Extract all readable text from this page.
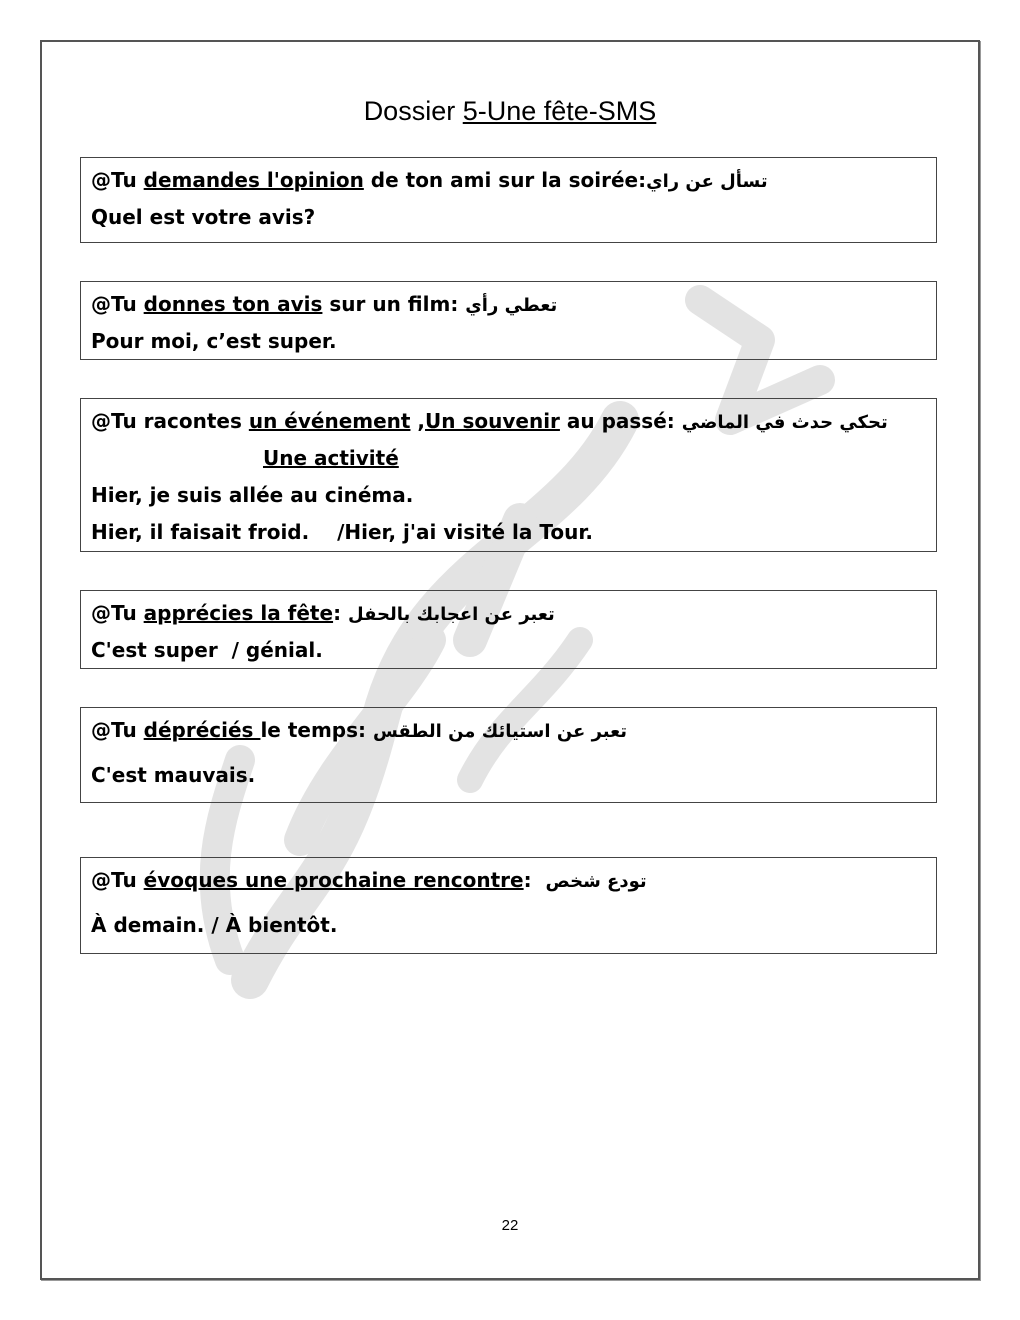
Dossier 5-Une fête-SMS
@Tu demandes l'opinion de ton ami sur la soirée:تسأل عن راي
Quel est votre avis?
@Tu donnes ton avis sur un film: تعطي رأي
Pour moi, c’est super.
@Tu racontes un événement ,Un souvenir au passé: تحكي حدث في الماضي
Une activité
Hier, je suis allée au cinéma.
Hier, il faisait froid.    /Hier, j'ai visité la Tour.
@Tu apprécies la fête: تعبر عن اعجابك بالحفل
C'est super  / génial.
@Tu dépréciés le temps: تعبر عن استيائك من الطقس
C'est mauvais.
@Tu évoques une prochaine rencontre:  تودع شخص
À demain. / À bientôt.
22
